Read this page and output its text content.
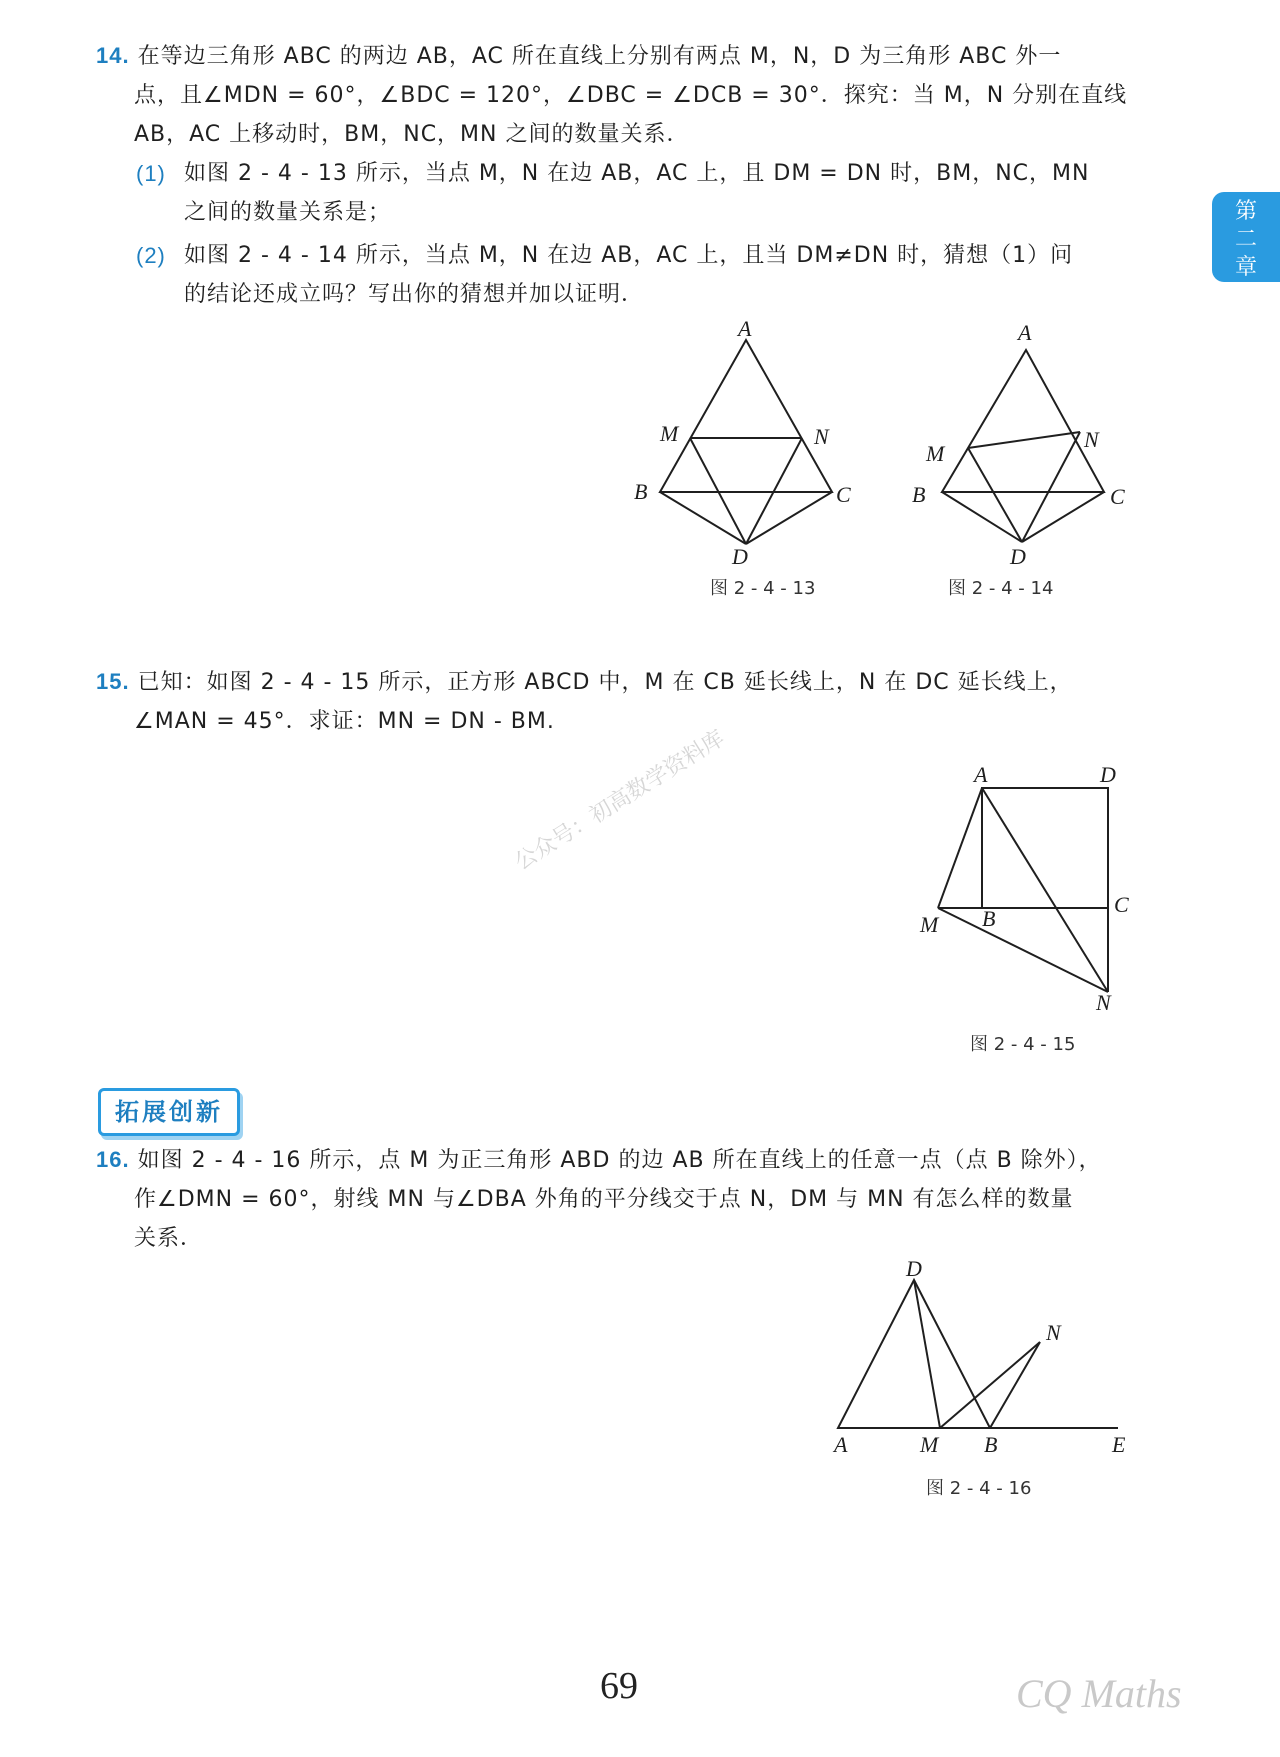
第
二
章
14. 在等边三角形 ABC 的两边 AB，AC 所在直线上分别有两点 M，N，D 为三角形 ABC 外一
点，且∠MDN = 60°，∠BDC = 120°，∠DBC = ∠DCB = 30°．探究：当 M，N 分别在直线
AB，AC 上移动时，BM，NC，MN 之间的数量关系．
(1) 如图 2 - 4 - 13 所示，当点 M，N 在边 AB，AC 上，且 DM = DN 时，BM，NC，MN
之间的数量关系是；
(2) 如图 2 - 4 - 14 所示，当点 M，N 在边 AB，AC 上，且当 DM≠DN 时，猜想（1）问
的结论还成立吗？写出你的猜想并加以证明．
A
M	N
B	C
D
A
M
N
B	C
D
A	D
C
B
M
N
D
N
A	M B	E
图 2 - 4 - 13	图 2 - 4 - 14
图 2 - 4 - 15
图 2 - 4 - 16
15. 已知：如图 2 - 4 - 15 所示，正方形 ABCD 中，M 在 CB 延长线上，N 在 DC 延长线上，
∠MAN = 45°．求证：MN = DN - BM.
公众号：初高数学资料库
拓展创新
16. 如图 2 - 4 - 16 所示，点 M 为正三角形 ABD 的边 AB 所在直线上的任意一点（点 B 除外），
作∠DMN = 60°，射线 MN 与∠DBA 外角的平分线交于点 N，DM 与 MN 有怎么样的数量
关系．
69	CQ Maths
